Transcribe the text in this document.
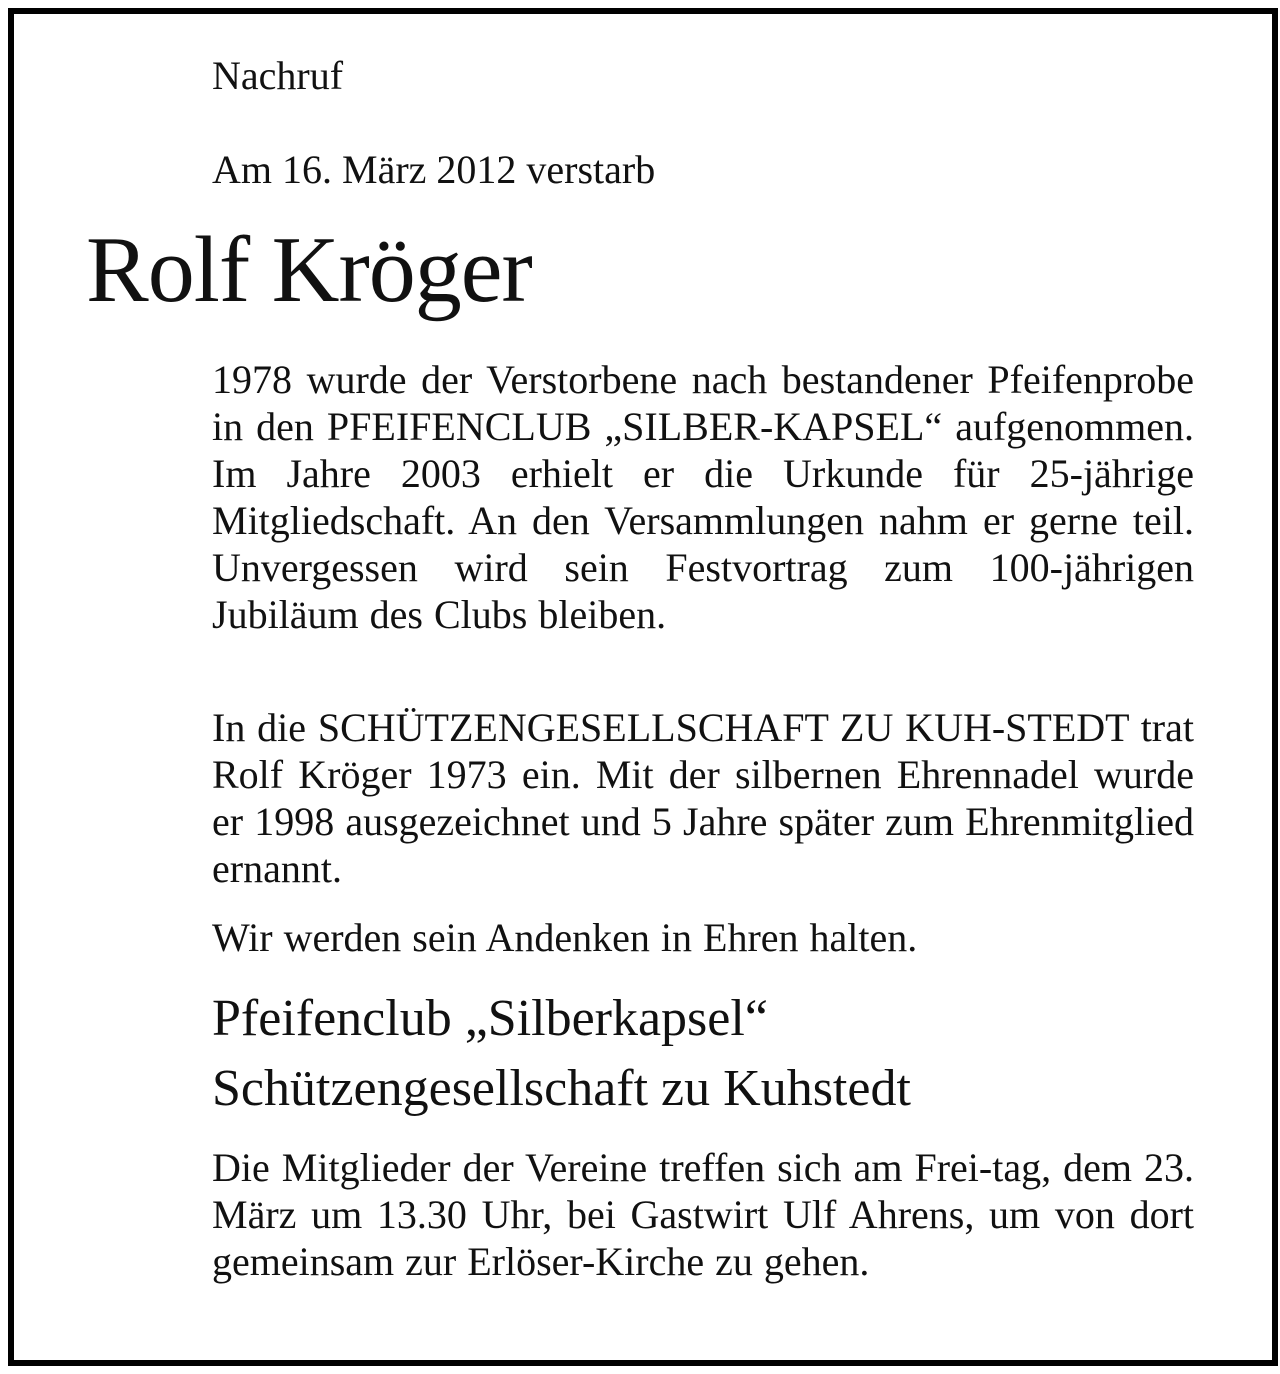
Nachruf

Am 16. März 2012 verstarb

Rolf Kröger

1978 wurde der Verstorbene nach bestandener Pfeifenprobe in den PFEIFENCLUB „SILBER-KAPSEL“ aufgenommen. Im Jahre 2003 erhielt er die Urkunde für 25-jährige Mitgliedschaft. An den Versammlungen nahm er gerne teil. Unvergessen wird sein Festvortrag zum 100-jährigen Jubiläum des Clubs bleiben.

In die SCHÜTZENGESELLSCHAFT ZU KUH-STEDT trat Rolf Kröger 1973 ein. Mit der silbernen Ehrennadel wurde er 1998 ausgezeichnet und 5 Jahre später zum Ehrenmitglied ernannt.

Wir werden sein Andenken in Ehren halten.

Pfeifenclub „Silberkapsel“

Schützengesellschaft zu Kuhstedt

Die Mitglieder der Vereine treffen sich am Frei-tag, dem 23. März um 13.30 Uhr, bei Gastwirt Ulf Ahrens, um von dort gemeinsam zur Erlöser-Kirche zu gehen.
